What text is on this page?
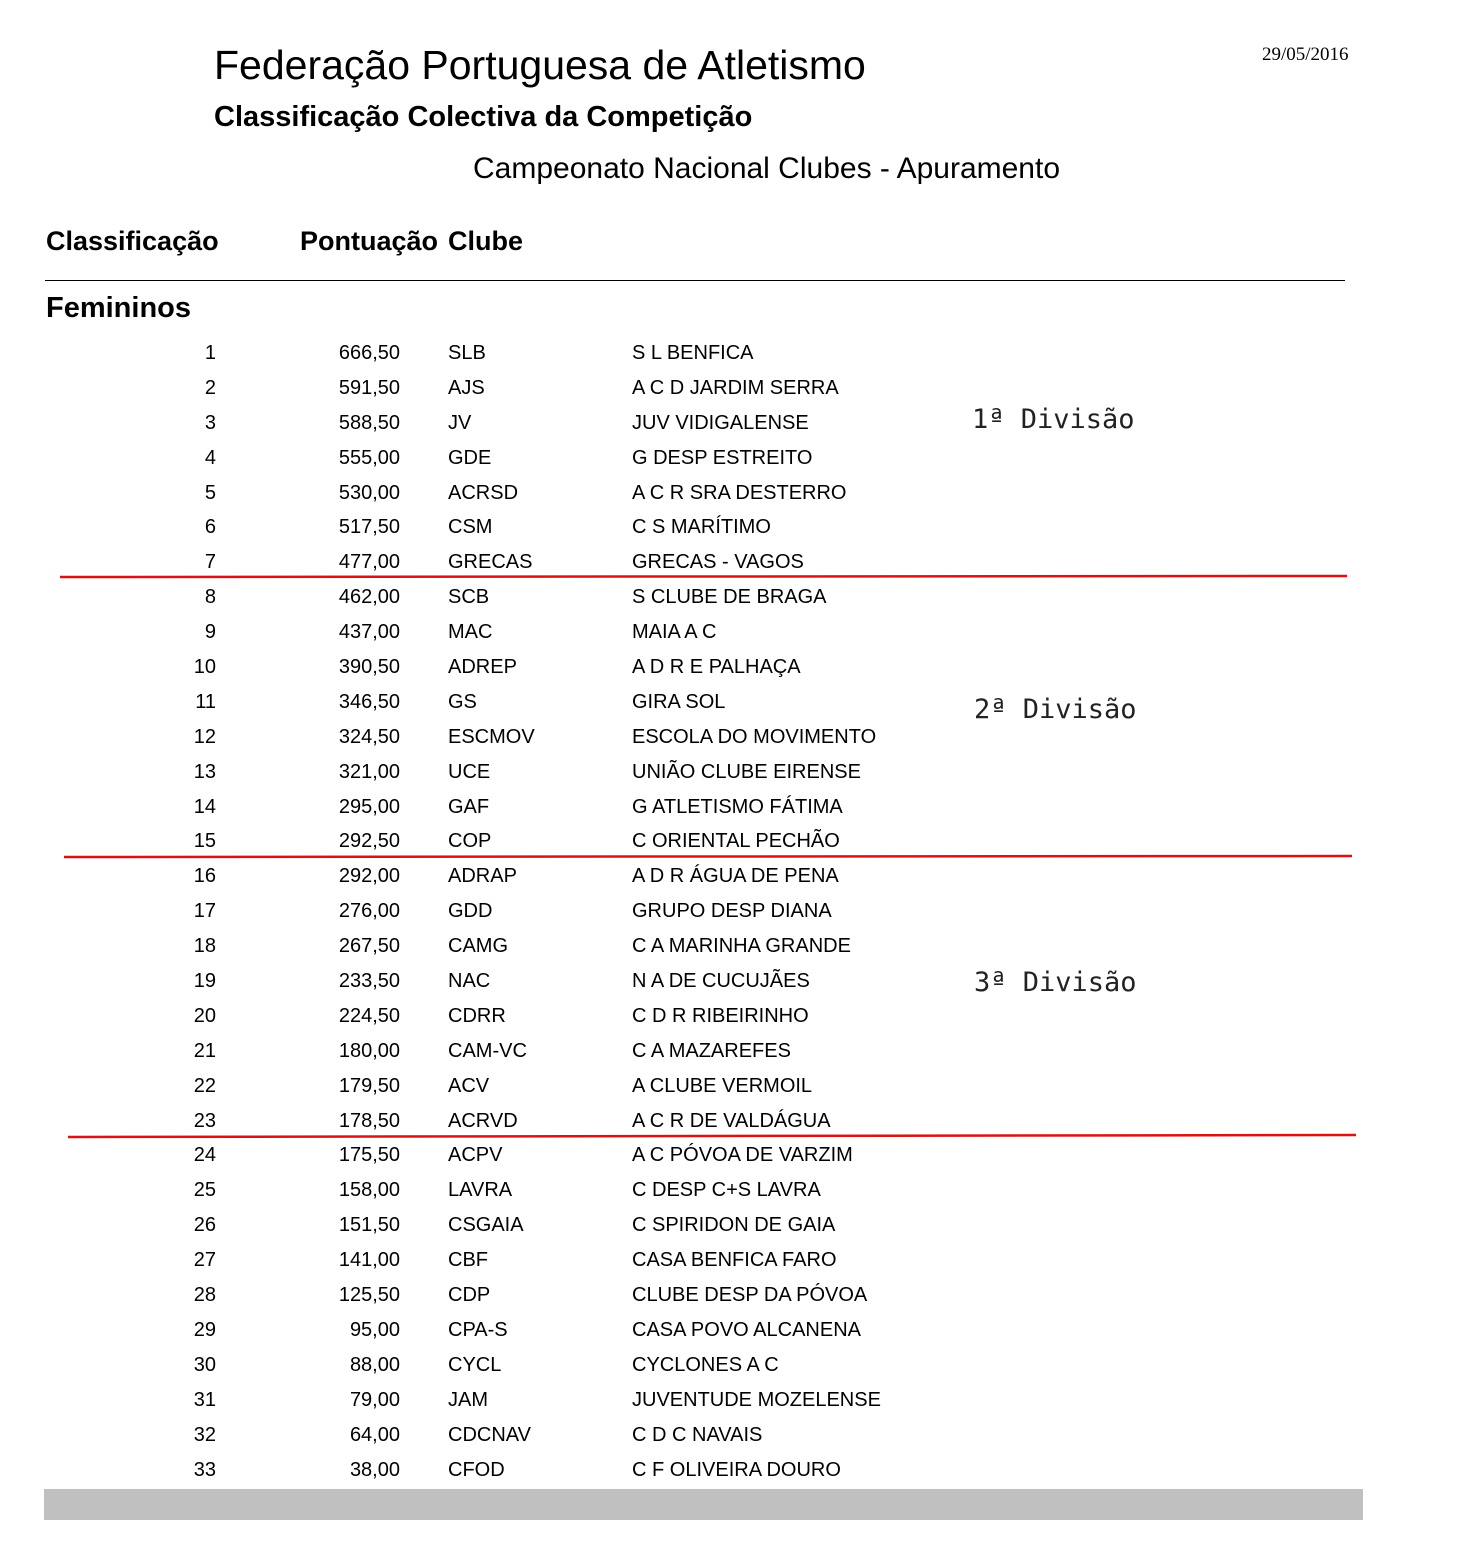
Federação Portuguesa de Atletismo
Classificação Colectiva da Competição
Campeonato Nacional Clubes - Apuramento
29/05/2016
Classificação	Pontuação Clube
Femininos
1	666,50 SLB	S L BENFICA
2	591,50 AJS	A C D JARDIM SERRA
3	588,50 JV	JUV VIDIGALENSE
4	555,00 GDE	G DESP ESTREITO
5	530,00 ACRSD	A C R SRA DESTERRO
6	517,50 CSM	C S MARÍTIMO
7	477,00 GRECAS	GRECAS - VAGOS
8	462,00 SCB	S CLUBE DE BRAGA
9	437,00 MAC	MAIA A C
10	390,50 ADREP	A D R E PALHAÇA
11	346,50 GS	GIRA SOL
12	324,50 ESCMOV	ESCOLA DO MOVIMENTO
13	321,00 UCE	UNIÃO CLUBE EIRENSE
14	295,00 GAF	G ATLETISMO FÁTIMA
15	292,50 COP	C ORIENTAL PECHÃO
16	292,00 ADRAP	A D R ÁGUA DE PENA
17	276,00 GDD	GRUPO DESP DIANA
18	267,50 CAMG	C A MARINHA GRANDE
19	233,50 NAC	N A DE CUCUJÃES
20	224,50 CDRR	C D R RIBEIRINHO
21	180,00 CAM-VC	C A MAZAREFES
22	179,50 ACV	A CLUBE VERMOIL
23	178,50 ACRVD	A C R DE VALDÁGUA
24	175,50 ACPV	A C PÓVOA DE VARZIM
25	158,00 LAVRA	C DESP C+S LAVRA
26	151,50 CSGAIA	C SPIRIDON DE GAIA
27	141,00 CBF	CASA BENFICA FARO
28	125,50 CDP	CLUBE DESP DA PÓVOA
29	95,00 CPA-S	CASA POVO ALCANENA
30	88,00 CYCL	CYCLONES A C
31	79,00 JAM	JUVENTUDE MOZELENSE
32	64,00 CDCNAV	C D C NAVAIS
33	38,00 CFOD	C F OLIVEIRA DOURO
1ª Divisão
2ª Divisão
3ª Divisão
